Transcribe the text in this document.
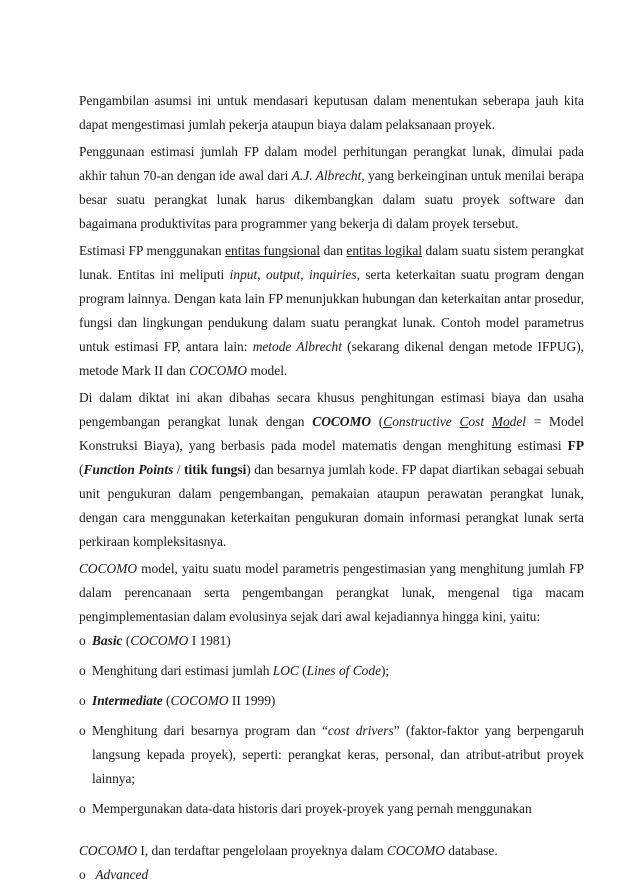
Pengambilan asumsi ini untuk mendasari keputusan dalam menentukan seberapa jauh kita dapat mengestimasi jumlah pekerja ataupun biaya dalam pelaksanaan proyek.

Penggunaan estimasi jumlah FP dalam model perhitungan perangkat lunak, dimulai pada akhir tahun 70-an dengan ide awal dari A.J. Albrecht, yang berkeinginan untuk menilai berapa besar suatu perangkat lunak harus dikembangkan dalam suatu proyek software dan bagaimana produktivitas para programmer yang bekerja di dalam proyek tersebut.

Estimasi FP menggunakan entitas fungsional dan entitas logikal dalam suatu sistem perangkat lunak. Entitas ini meliputi input, output, inquiries, serta keterkaitan suatu program dengan program lainnya. Dengan kata lain FP menunjukkan hubungan dan keterkaitan antar prosedur, fungsi dan lingkungan pendukung dalam suatu perangkat lunak. Contoh model parametrus untuk estimasi FP, antara lain: metode Albrecht (sekarang dikenal dengan metode IFPUG), metode Mark II dan COCOMO model.

Di dalam diktat ini akan dibahas secara khusus penghitungan estimasi biaya dan usaha pengembangan perangkat lunak dengan COCOMO (Constructive Cost Model = Model Konstruksi Biaya), yang berbasis pada model matematis dengan menghitung estimasi FP (Function Points / titik fungsi) dan besarnya jumlah kode. FP dapat diartikan sebagai sebuah unit pengukuran dalam pengembangan, pemakaian ataupun perawatan perangkat lunak, dengan cara menggunakan keterkaitan pengukuran domain informasi perangkat lunak serta perkiraan kompleksitasnya.

COCOMO model, yaitu suatu model parametris pengestimasian yang menghitung jumlah FP dalam perencanaan serta pengembangan perangkat lunak, mengenal tiga macam pengimplementasian dalam evolusinya sejak dari awal kejadiannya hingga kini, yaitu:

o Basic (COCOMO I 1981)
o Menghitung dari estimasi jumlah LOC (Lines of Code);
o Intermediate (COCOMO II 1999)
o Menghitung dari besarnya program dan “cost drivers” (faktor-faktor yang berpengaruh langsung kepada proyek), seperti: perangkat keras, personal, dan atribut-atribut proyek lainnya;
o Mempergunakan data-data historis dari proyek-proyek yang pernah menggunakan

COCOMO I, dan terdaftar pengelolaan proyeknya dalam COCOMO database.

o Advanced
